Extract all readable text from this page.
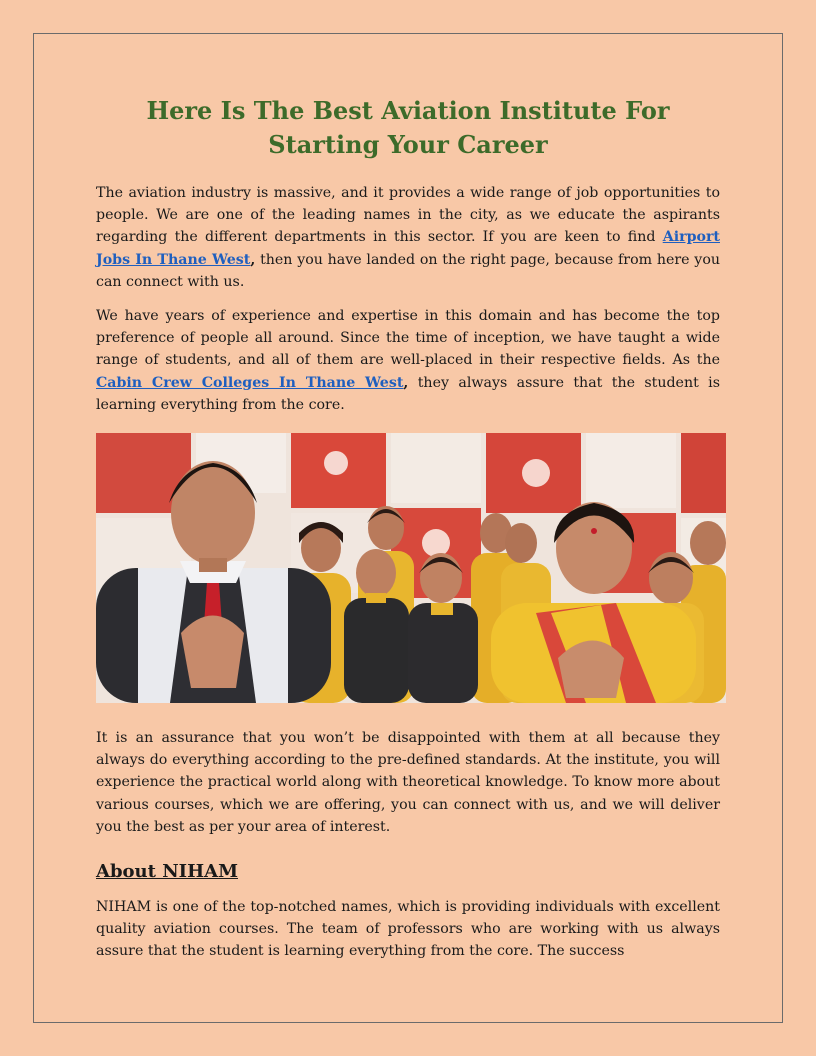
Here Is The Best Aviation Institute For Starting Your Career

The aviation industry is massive, and it provides a wide range of job opportunities to people. We are one of the leading names in the city, as we educate the aspirants regarding the different departments in this sector. If you are keen to find Airport Jobs In Thane West, then you have landed on the right page, because from here you can connect with us.

We have years of experience and expertise in this domain and has become the top preference of people all around. Since the time of inception, we have taught a wide range of students, and all of them are well-placed in their respective fields. As the Cabin Crew Colleges In Thane West, they always assure that the student is learning everything from the core.

It is an assurance that you won’t be disappointed with them at all because they always do everything according to the pre-defined standards. At the institute, you will experience the practical world along with theoretical knowledge. To know more about various courses, which we are offering, you can connect with us, and we will deliver you the best as per your area of interest.

About NIHAM

NIHAM is one of the top-notched names, which is providing individuals with excellent quality aviation courses. The team of professors who are working with us always assure that the student is learning everything from the core. The success
